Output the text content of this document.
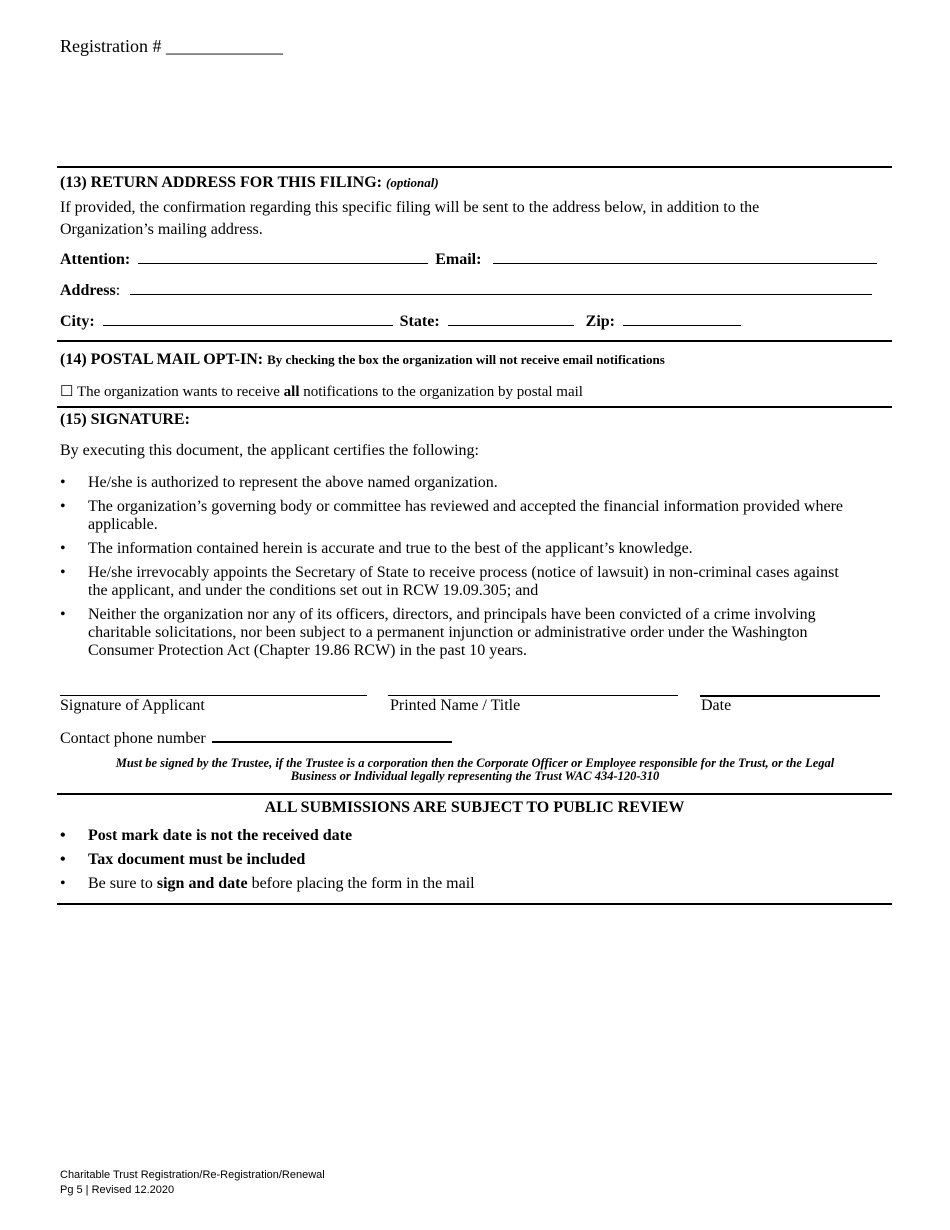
Registration # _____________
(13) RETURN ADDRESS FOR THIS FILING: (optional)
If provided, the confirmation regarding this specific filing will be sent to the address below, in addition to the
Organization’s mailing address.
Attention:	Email:
Address:
City:	State:	Zip:
(14) POSTAL MAIL OPT-IN: By checking the box the organization will not receive email notifications
☐ The organization wants to receive all notifications to the organization by postal mail
(15) SIGNATURE:
By executing this document, the applicant certifies the following:
• He/she is authorized to represent the above named organization.
• The organization’s governing body or committee has reviewed and accepted the financial information provided where applicable.
• The information contained herein is accurate and true to the best of the applicant’s knowledge.
• He/she irrevocably appoints the Secretary of State to receive process (notice of lawsuit) in non-criminal cases against the applicant, and under the conditions set out in RCW 19.09.305; and
• Neither the organization nor any of its officers, directors, and principals have been convicted of a crime involving charitable solicitations, nor been subject to a permanent injunction or administrative order under the Washington Consumer Protection Act (Chapter 19.86 RCW) in the past 10 years.
Signature of Applicant	Printed Name / Title	Date
Contact phone number
Must be signed by the Trustee, if the Trustee is a corporation then the Corporate Officer or Employee responsible for the Trust, or the Legal
Business or Individual legally representing the Trust WAC 434-120-310
ALL SUBMISSIONS ARE SUBJECT TO PUBLIC REVIEW
• Post mark date is not the received date
• Tax document must be included
• Be sure to sign and date before placing the form in the mail
Charitable Trust Registration/Re-Registration/Renewal
Pg 5 | Revised 12.2020
